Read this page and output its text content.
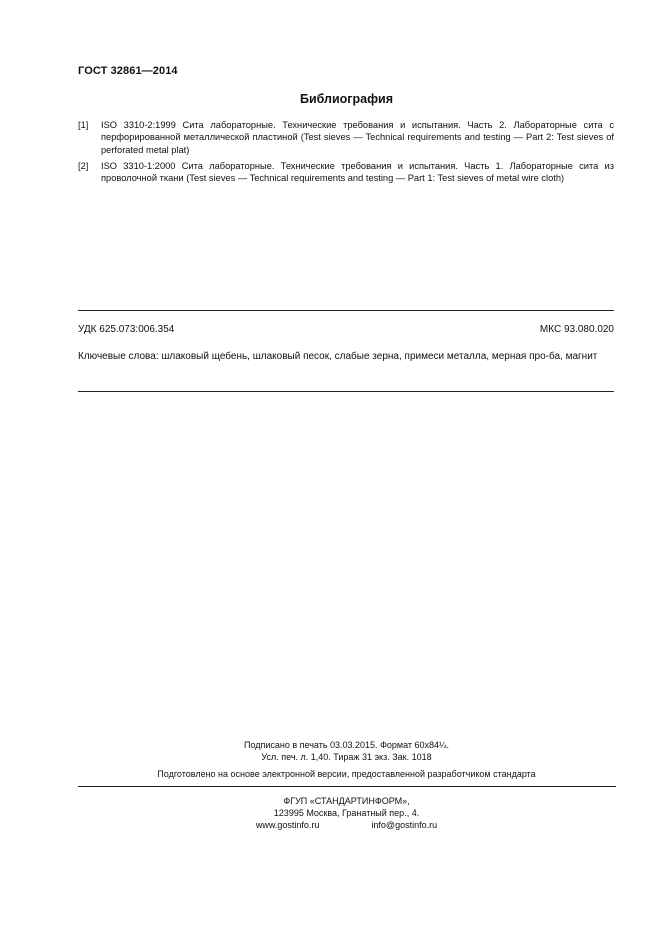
ГОСТ 32861—2014
Библиография
[1] ISO 3310-2:1999 Сита лабораторные. Технические требования и испытания. Часть 2. Лабораторные сита с перфорированной металлической пластиной (Test sieves — Technical requirements and testing — Part 2: Test sieves of perforated metal plat)
[2] ISO 3310-1:2000 Сита лабораторные. Технические требования и испытания. Часть 1. Лабораторные сита из проволочной ткани (Test sieves — Technical requirements and testing — Part 1: Test sieves of metal wire cloth)
УДК 625.073:006.354	МКС 93.080.020
Ключевые слова: шлаковый щебень, шлаковый песок, слабые зерна, примеси металла, мерная про-ба, магнит
Подписано в печать 03.03.2015. Формат 60x84¼.
Усл. печ. л. 1,40. Тираж 31 экз. Зак. 1018
Подготовлено на основе электронной версии, предоставленной разработчиком стандарта
ФГУП «СТАНДАРТИНФОРМ»,
123995 Москва, Гранатный пер., 4.
www.gostinfo.ru	info@gostinfo.ru
